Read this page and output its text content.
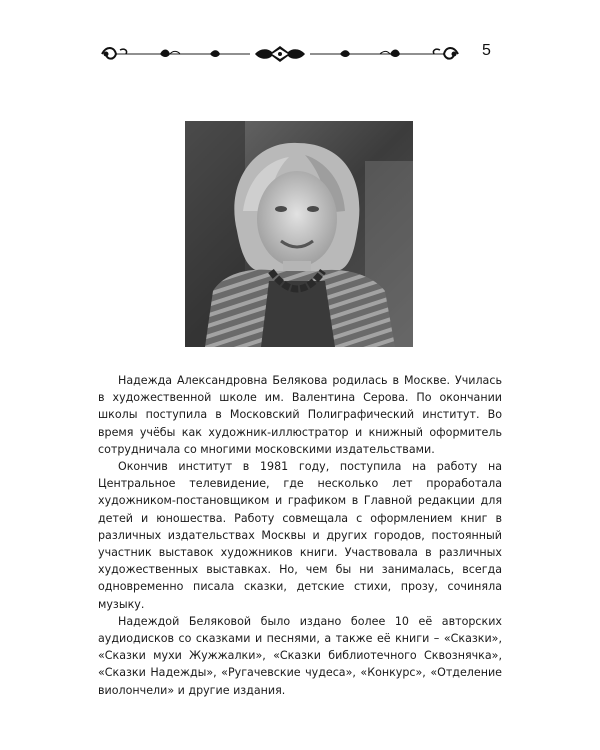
5

Надежда Александровна Белякова родилась в Москве. Училась в художественной школе им. Валентина Серова. По окончании школы поступила в Московский Полиграфический институт. Во время учёбы как художник-иллюстратор и книжный оформитель сотрудничала со многими московскими издательствами.

Окончив институт в 1981 году, поступила на работу на Центральное телевидение, где несколько лет проработала художником-постановщиком и графиком в Главной редакции для детей и юношества. Работу совмещала с оформлением книг в различных издательствах Москвы и других городов, постоянный участник выставок художников книги. Участвовала в различных художественных выставках. Но, чем бы ни занималась, всегда одновременно писала сказки, детские стихи, прозу, сочиняла музыку.

Надеждой Беляковой было издано более 10 её авторских аудиодисков со сказками и песнями, а также её книги – «Сказки», «Сказки мухи Жужжалки», «Сказки библиотечного Сквознячка», «Сказки Надежды», «Ругачевские чудеса», «Конкурс», «Отделение виолончели» и другие издания.
